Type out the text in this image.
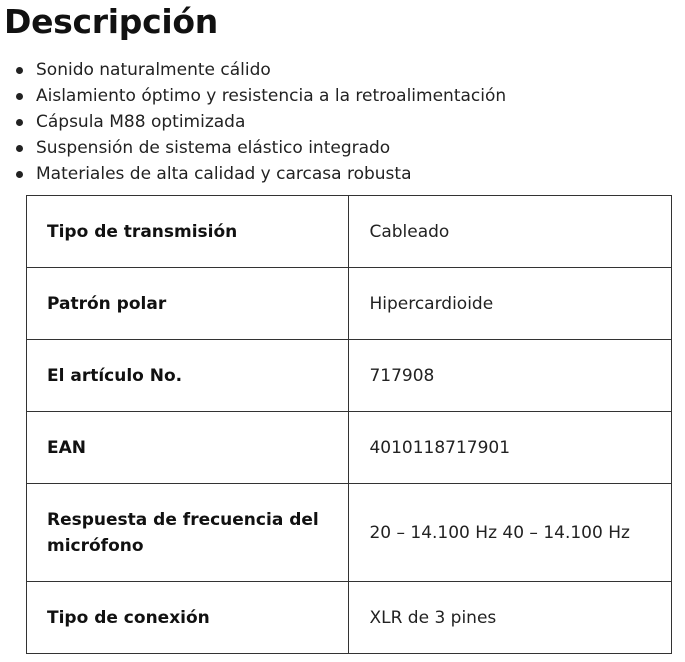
Descripción
Sonido naturalmente cálido
Aislamiento óptimo y resistencia a la retroalimentación
Cápsula M88 optimizada
Suspensión de sistema elástico integrado
Materiales de alta calidad y carcasa robusta
Tipo de transmisión	Cableado
Patrón polar	Hipercardioide
El artículo No.	717908
EAN	4010118717901
Respuesta de frecuencia del micrófono	20 – 14.100 Hz 40 – 14.100 Hz
Tipo de conexión	XLR de 3 pines
